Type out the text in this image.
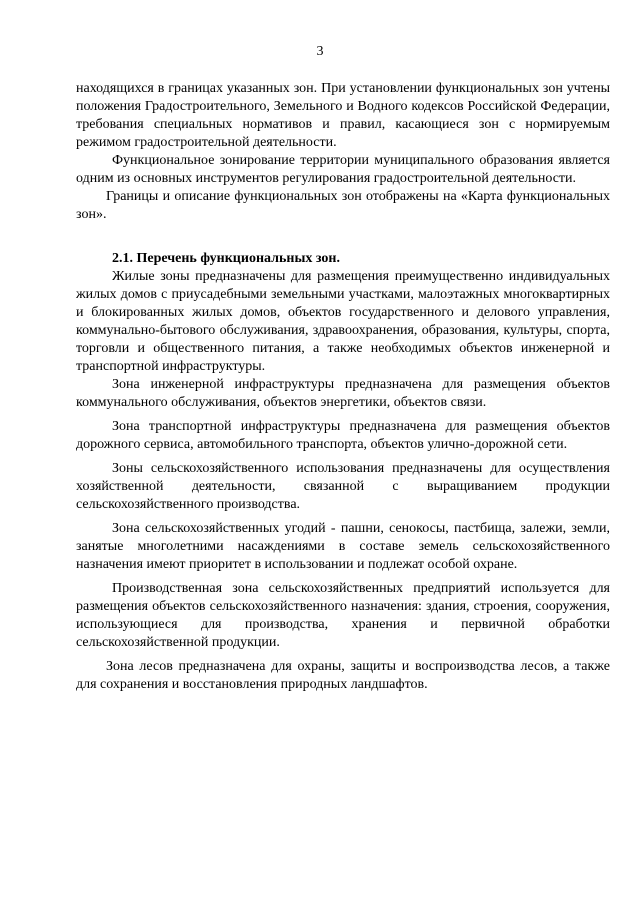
3

находящихся в границах указанных зон. При установлении функциональных зон учтены положения Градостроительного, Земельного и Водного кодексов Российской Федерации, требования специальных нормативов и правил, касающиеся зон с нормируемым режимом градостроительной деятельности.

Функциональное зонирование территории муниципального образования является одним из основных инструментов регулирования градостроительной деятельности.

Границы и описание функциональных зон отображены на «Карта функциональных зон».

2.1. Перечень функциональных зон.

Жилые зоны предназначены для размещения преимущественно индивидуальных жилых домов с приусадебными земельными участками, малоэтажных многоквартирных и блокированных жилых домов, объектов государственного и делового управления, коммунально-бытового обслуживания, здравоохранения, образования, культуры, спорта, торговли и общественного питания, а также необходимых объектов инженерной и транспортной инфраструктуры.

Зона инженерной инфраструктуры предназначена для размещения объектов коммунального обслуживания, объектов энергетики, объектов связи.

Зона транспортной инфраструктуры предназначена для размещения объектов дорожного сервиса, автомобильного транспорта, объектов улично-дорожной сети.

Зоны сельскохозяйственного использования предназначены для осуществления хозяйственной деятельности, связанной с выращиванием продукции сельскохозяйственного производства.

Зона сельскохозяйственных угодий - пашни, сенокосы, пастбища, залежи, земли, занятые многолетними насаждениями в составе земель сельскохозяйственного назначения имеют приоритет в использовании и подлежат особой охране.

Производственная зона сельскохозяйственных предприятий используется для размещения объектов сельскохозяйственного назначения: здания, строения, сооружения, использующиеся для производства, хранения и первичной обработки сельскохозяйственной продукции.

Зона лесов предназначена для охраны, защиты и воспроизводства лесов, а также для сохранения и восстановления природных ландшафтов.
